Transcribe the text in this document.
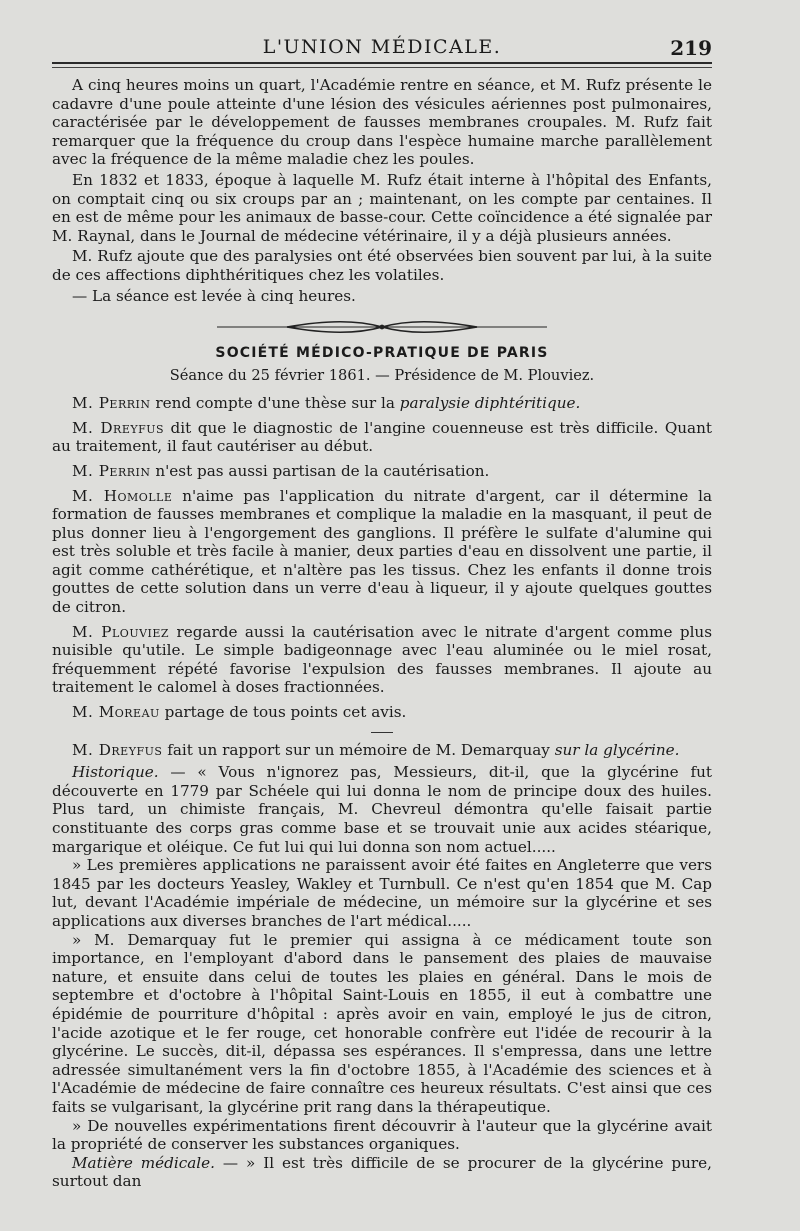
L'UNION MÉDICALE.	219

A cinq heures moins un quart, l'Académie rentre en séance, et M. Rufz présente le cadavre d'une poule atteinte d'une lésion des vésicules aériennes post pulmonaires, caractérisée par le développement de fausses membranes croupales. M. Rufz fait remarquer que la fréquence du croup dans l'espèce humaine marche parallèlement avec la fréquence de la même maladie chez les poules.

En 1832 et 1833, époque à laquelle M. Rufz était interne à l'hôpital des Enfants, on comptait cinq ou six croups par an ; maintenant, on les compte par centaines. Il en est de même pour les animaux de basse-cour. Cette coïncidence a été signalée par M. Raynal, dans le Journal de médecine vétérinaire, il y a déjà plusieurs années.

M. Rufz ajoute que des paralysies ont été observées bien souvent par lui, à la suite de ces affections diphthéritiques chez les volatiles.

— La séance est levée à cinq heures.

SOCIÉTÉ MÉDICO-PRATIQUE DE PARIS
Séance du 25 février 1861. — Présidence de M. Plouviez.

M. Perrin rend compte d'une thèse sur la paralysie diphtéritique.

M. Dreyfus dit que le diagnostic de l'angine couenneuse est très difficile. Quant au traitement, il faut cautériser au début.

M. Perrin n'est pas aussi partisan de la cautérisation.

M. Homolle n'aime pas l'application du nitrate d'argent, car il détermine la formation de fausses membranes et complique la maladie en la masquant, il peut de plus donner lieu à l'engorgement des ganglions. Il préfère le sulfate d'alumine qui est très soluble et très facile à manier, deux parties d'eau en dissolvent une partie, il agit comme cathérétique, et n'altère pas les tissus. Chez les enfants il donne trois gouttes de cette solution dans un verre d'eau à liqueur, il y ajoute quelques gouttes de citron.

M. Plouviez regarde aussi la cautérisation avec le nitrate d'argent comme plus nuisible qu'utile. Le simple badigeonnage avec l'eau aluminée ou le miel rosat, fréquemment répété favorise l'expulsion des fausses membranes. Il ajoute au traitement le calomel à doses fractionnées.

M. Moreau partage de tous points cet avis.

M. Dreyfus fait un rapport sur un mémoire de M. Demarquay sur la glycérine.

Historique. — « Vous n'ignorez pas, Messieurs, dit-il, que la glycérine fut découverte en 1779 par Schéele qui lui donna le nom de principe doux des huiles. Plus tard, un chimiste français, M. Chevreul démontra qu'elle faisait partie constituante des corps gras comme base et se trouvait unie aux acides stéarique, margarique et oléique. Ce fut lui qui lui donna son nom actuel.....

» Les premières applications ne paraissent avoir été faites en Angleterre que vers 1845 par les docteurs Yeasley, Wakley et Turnbull. Ce n'est qu'en 1854 que M. Cap lut, devant l'Académie impériale de médecine, un mémoire sur la glycérine et ses applications aux diverses branches de l'art médical.....

» M. Demarquay fut le premier qui assigna à ce médicament toute son importance, en l'employant d'abord dans le pansement des plaies de mauvaise nature, et ensuite dans celui de toutes les plaies en général. Dans le mois de septembre et d'octobre à l'hôpital Saint-Louis en 1855, il eut à combattre une épidémie de pourriture d'hôpital : après avoir en vain, employé le jus de citron, l'acide azotique et le fer rouge, cet honorable confrère eut l'idée de recourir à la glycérine. Le succès, dit-il, dépassa ses espérances. Il s'empressa, dans une lettre adressée simultanément vers la fin d'octobre 1855, à l'Académie des sciences et à l'Académie de médecine de faire connaître ces heureux résultats. C'est ainsi que ces faits se vulgarisant, la glycérine prit rang dans la thérapeutique.

» De nouvelles expérimentations firent découvrir à l'auteur que la glycérine avait la propriété de conserver les substances organiques.

Matière médicale. — » Il est très difficile de se procurer de la glycérine pure, surtout dan
